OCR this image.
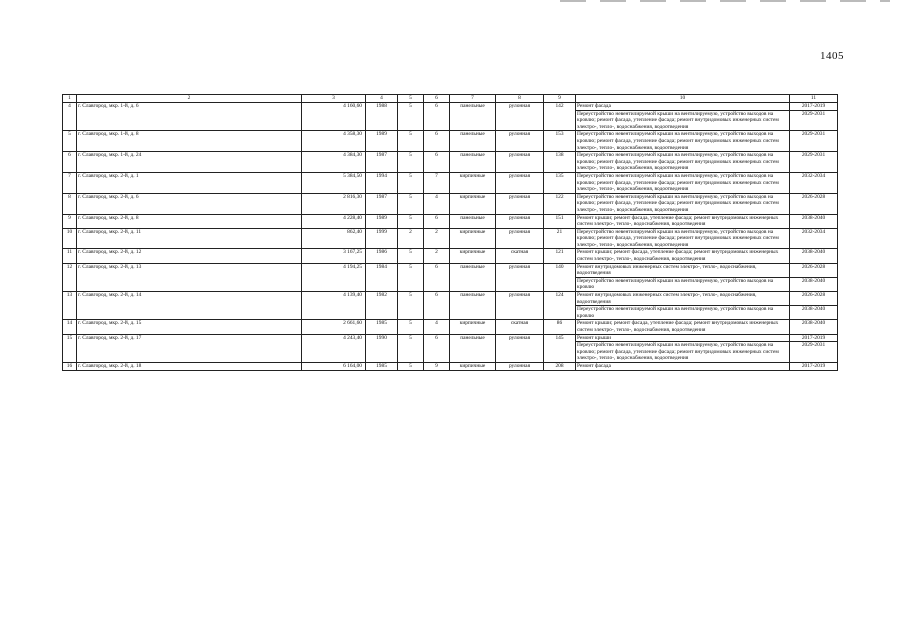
1405
1	2	3	4	5	6	7	8	9	10	11
4	г. Славгород, мкр. 1-й, д. 6	4 160,60	1988	5	6	панельные	рулонная	142	Ремонт фасада	2017-2019
									Переустройство невентилируемой крыши на вентилируемую, устройство выходов на кровлю; ремонт фасада, утепление фасада; ремонт внутридомовых инженерных систем электро-, тепло-, водоснабжения, водоотведения	2029-2031
5	г. Славгород, мкр. 1-й, д. 8	4 358,30	1989	5	6	панельные	рулонная	153	Переустройство невентилируемой крыши на вентилируемую, устройство выходов на кровлю; ремонт фасада, утепление фасада; ремонт внутридомовых инженерных систем электро-, тепло-, водоснабжения, водоотведения	2029-2031
6	г. Славгород, мкр. 1-й, д. 24	4 384,30	1987	5	6	панельные	рулонная	138	Переустройство невентилируемой крыши на вентилируемую, устройство выходов на кровлю; ремонт фасада, утепление фасада; ремонт внутридомовых инженерных систем электро-, тепло-, водоснабжения, водоотведения	2029-2031
7	г. Славгород, мкр. 2-й, д. 1	5 384,50	1994	5	7	кирпичные	рулонная	135	Переустройство невентилируемой крыши на вентилируемую, устройство выходов на кровлю; ремонт фасада, утепление фасада; ремонт внутридомовых инженерных систем электро-, тепло-, водоснабжения, водоотведения	2032-2034
8	г. Славгород, мкр. 2-й, д. 6	2 816,30	1987	5	4	кирпичные	рулонная	122	Переустройство невентилируемой крыши на вентилируемую, устройство выходов на кровлю; ремонт фасада, утепление фасада; ремонт внутридомовых инженерных систем электро-, тепло-, водоснабжения, водоотведения	2026-2028
9	г. Славгород, мкр. 2-й, д. 8	4 228,40	1989	5	6	панельные	рулонная	151	Ремонт крыши; ремонт фасада, утепление фасада; ремонт внутридомовых инженерных систем электро-, тепло-, водоснабжения, водоотведения	2038-2040
10	г. Славгород, мкр. 2-й, д. 11	862,40	1999	2	2	кирпичные	рулонная	21	Переустройство невентилируемой крыши на вентилируемую, устройство выходов на кровлю; ремонт фасада, утепление фасада; ремонт внутридомовых инженерных систем электро-, тепло-, водоснабжения, водоотведения	2032-2034
11	г. Славгород, мкр. 2-й, д. 12	3 167,25	1986	5	2	кирпичные	скатная	121	Ремонт крыши; ремонт фасада, утепление фасада; ремонт внутридомовых инженерных систем электро-, тепло-, водоснабжения, водоотведения	2038-2040
12	г. Славгород, мкр. 2-й, д. 13	4 194,25	1984	5	6	панельные	рулонная	140	Ремонт внутридомовых инженерных систем электро-, тепло-, водоснабжения, водоотведения	2026-2028
									Переустройство невентилируемой крыши на вентилируемую, устройство выходов на кровлю	2038-2040
13	г. Славгород, мкр. 2-й, д. 14	4 139,40	1982	5	6	панельные	рулонная	124	Ремонт внутридомовых инженерных систем электро-, тепло-, водоснабжения, водоотведения	2026-2028
									Переустройство невентилируемой крыши на вентилируемую, устройство выходов на кровлю	2038-2040
14	г. Славгород, мкр. 2-й, д. 15	2 661,60	1985	5	4	кирпичные	скатная	86	Ремонт крыши; ремонт фасада, утепление фасада; ремонт внутридомовых инженерных систем электро-, тепло-, водоснабжения, водоотведения	2038-2040
15	г. Славгород, мкр. 2-й, д. 17	4 243,40	1990	5	6	панельные	рулонная	145	Ремонт крыши	2017-2019
									Переустройство невентилируемой крыши на вентилируемую, устройство выходов на кровлю; ремонт фасада, утепление фасада; ремонт внутридомовых инженерных систем электро-, тепло-, водоснабжения, водоотведения	2029-2031
16	г. Славгород, мкр. 2-й, д. 18	6 164,00	1985	5	9	кирпичные	рулонная	208	Ремонт фасада	2017-2019
